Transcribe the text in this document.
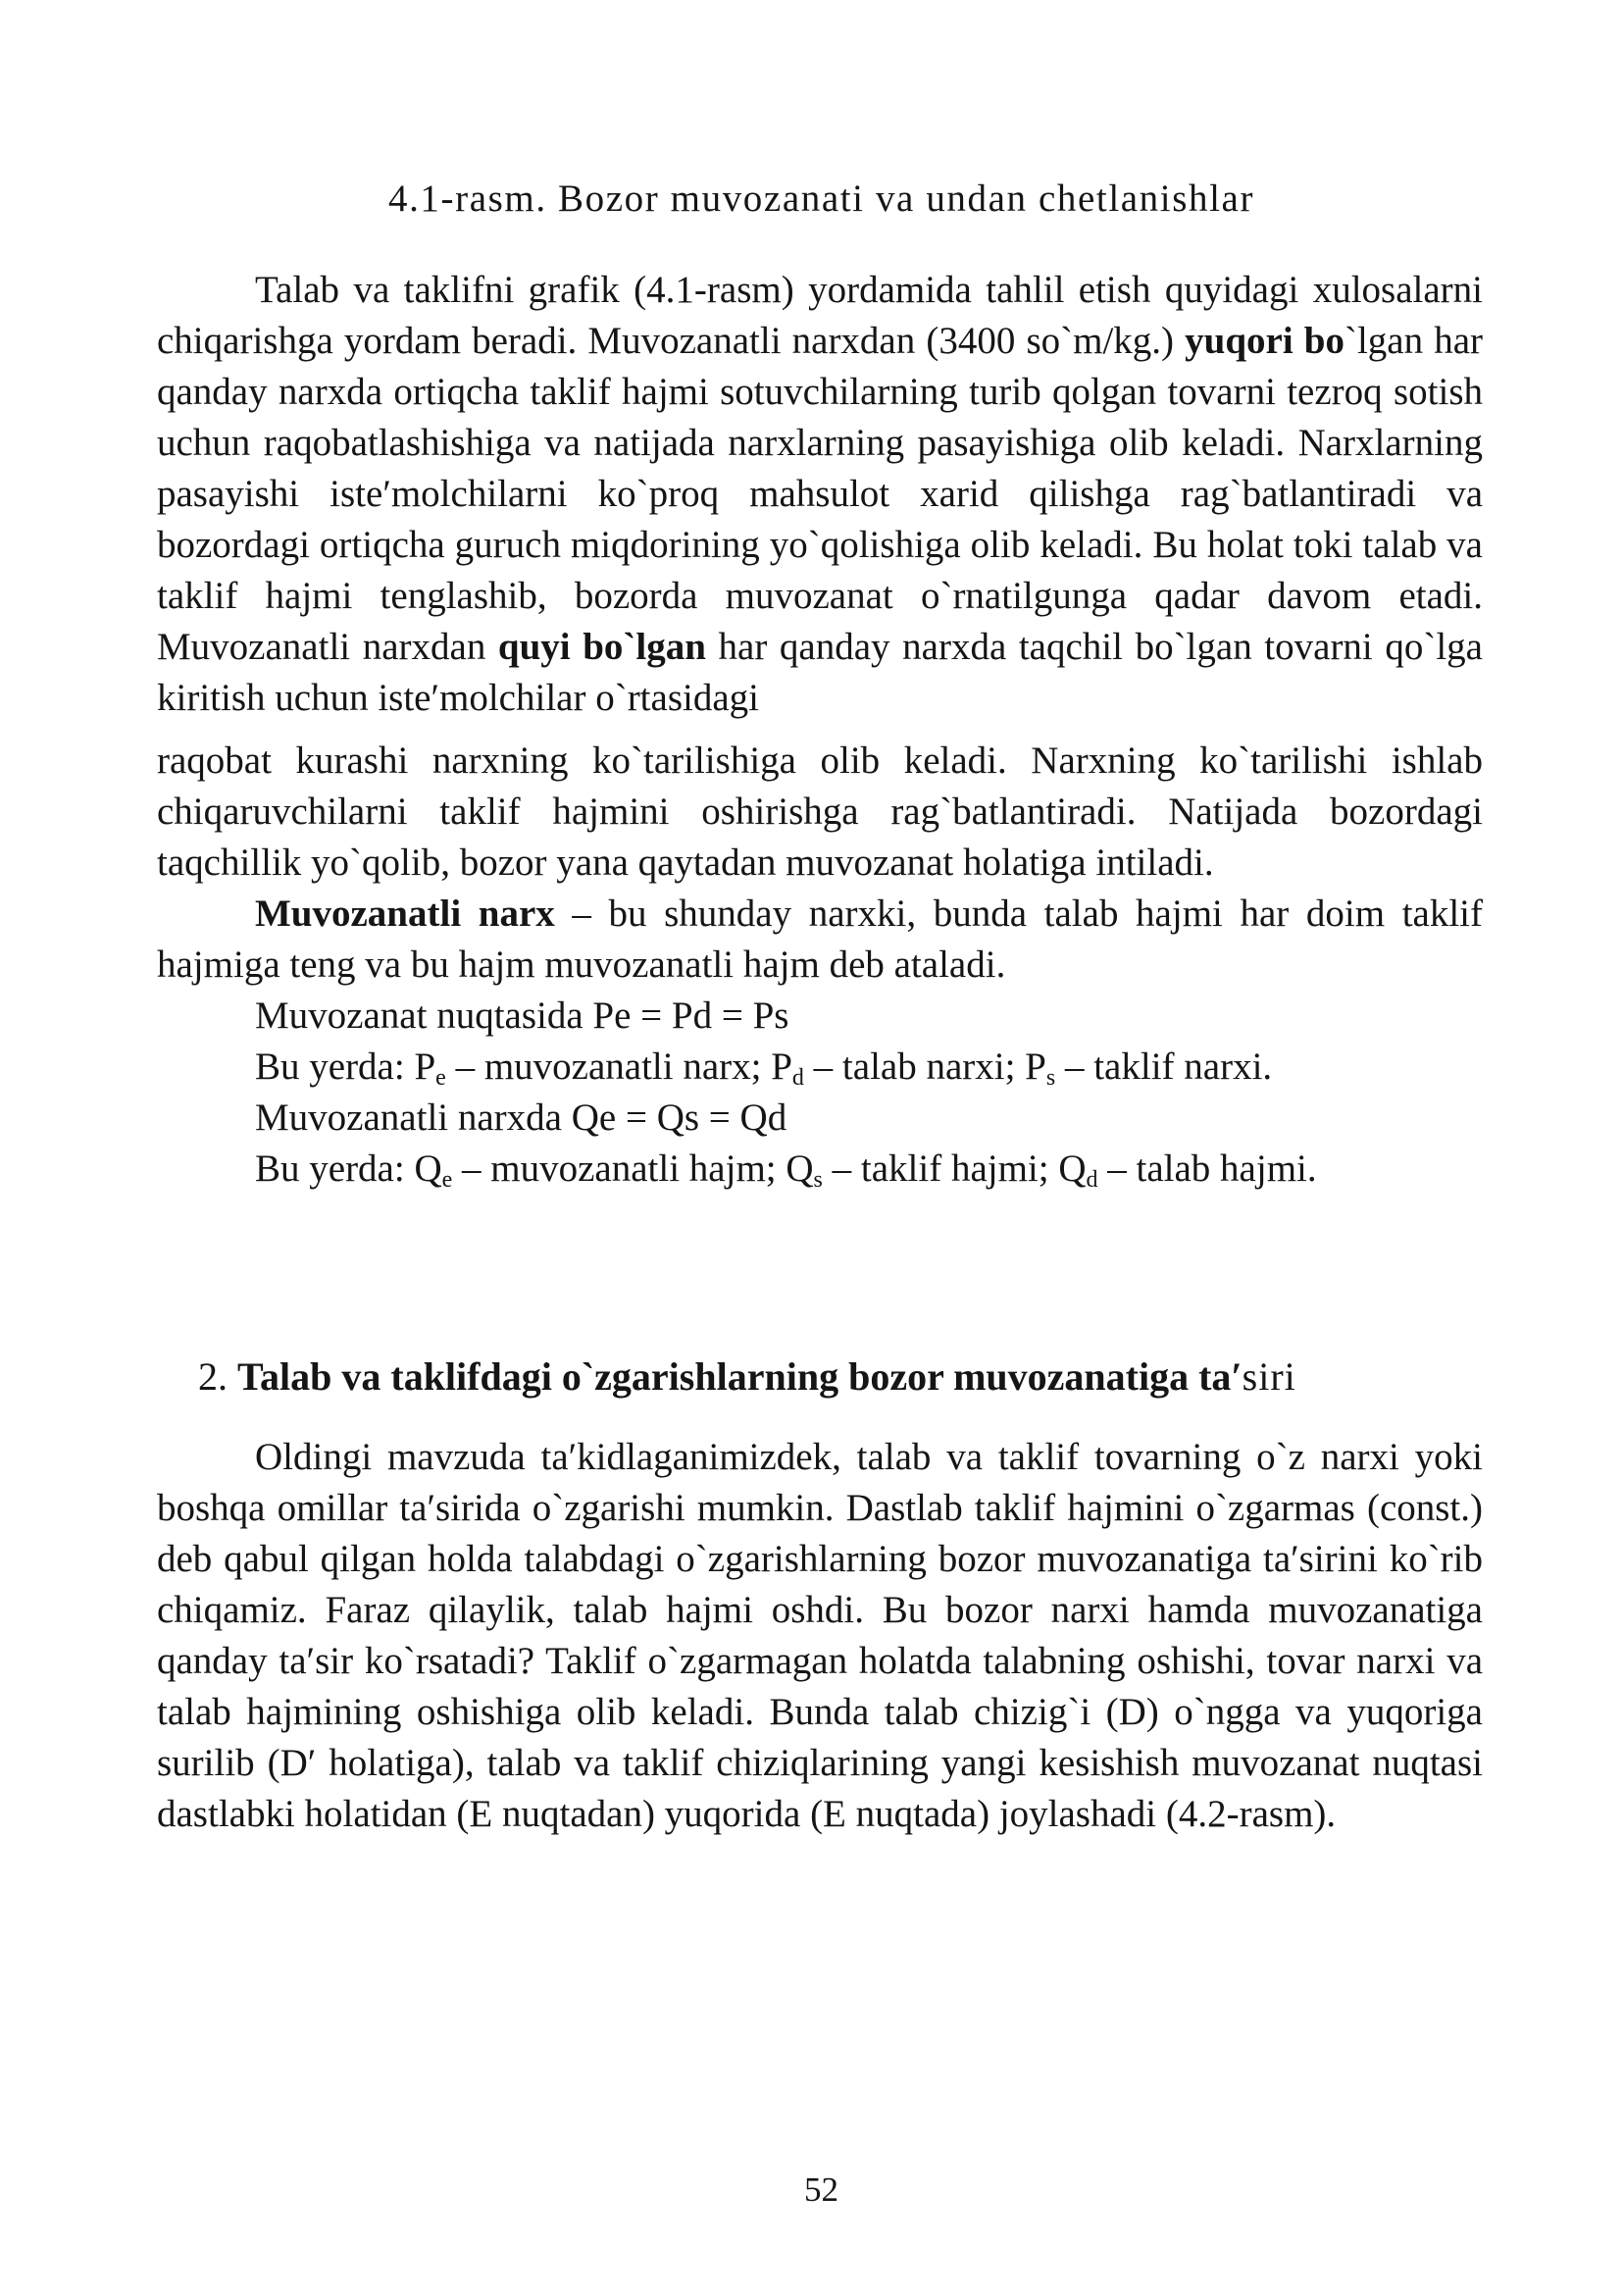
4.1-rasm. Bozor muvozanati va undan chetlanishlar

Talab va taklifni grafik (4.1-rasm) yordamida tahlil etish quyidagi xulosalarni chiqarishga yordam beradi. Muvozanatli narxdan (3400 so`m/kg.) yuqori bo`lgan har qanday narxda ortiqcha taklif hajmi sotuvchilarning turib qolgan tovarni tezroq sotish uchun raqobatlashishiga va natijada narxlarning pasayishiga olib keladi. Narxlarning pasayishi iste′molchilarni ko`proq mahsulot xarid qilishga rag`batlantiradi va bozordagi ortiqcha guruch miqdorining yo`qolishiga olib keladi. Bu holat toki talab va taklif hajmi tenglashib, bozorda muvozanat o`rnatilgunga qadar davom etadi. Muvozanatli narxdan quyi bo`lgan har qanday narxda taqchil bo`lgan tovarni qo`lga kiritish uchun iste′molchilar o`rtasidagi

raqobat kurashi narxning ko`tarilishiga olib keladi. Narxning ko`tarilishi ishlab chiqaruvchilarni taklif hajmini oshirishga rag`batlantiradi. Natijada bozordagi taqchillik yo`qolib, bozor yana qaytadan muvozanat holatiga intiladi.

Muvozanatli narx – bu shunday narxki, bunda talab hajmi har doim taklif hajmiga teng va bu hajm muvozanatli hajm deb ataladi.

Muvozanat nuqtasida Pe = Pd = Ps

Bu yerda: $P_e$ – muvozanatli narx; $P_d$ – talab narxi; $P_s$ – taklif narxi.

Muvozanatli narxda Qe = Qs = Qd

Bu yerda: $Q_e$ – muvozanatli hajm; $Q_s$ – taklif hajmi; $Q_d$ – talab hajmi.

2. Talab va taklifdagi o`zgarishlarning bozor muvozanatiga ta′siri

Oldingi mavzuda ta′kidlaganimizdek, talab va taklif tovarning o`z narxi yoki boshqa omillar ta′sirida o`zgarishi mumkin. Dastlab taklif hajmini o`zgarmas (const.) deb qabul qilgan holda talabdagi o`zgarishlarning bozor muvozanatiga ta′sirini ko`rib chiqamiz. Faraz qilaylik, talab hajmi oshdi. Bu bozor narxi hamda muvozanatiga qanday ta′sir ko`rsatadi? Taklif o`zgarmagan holatda talabning oshishi, tovar narxi va talab hajmining oshishiga olib keladi. Bunda talab chizig`i (D) o`ngga va yuqoriga surilib (D′ holatiga), talab va taklif chiziqlarining yangi kesishish muvozanat nuqtasi dastlabki holatidan (E nuqtadan) yuqorida (E nuqtada) joylashadi (4.2-rasm).

52
